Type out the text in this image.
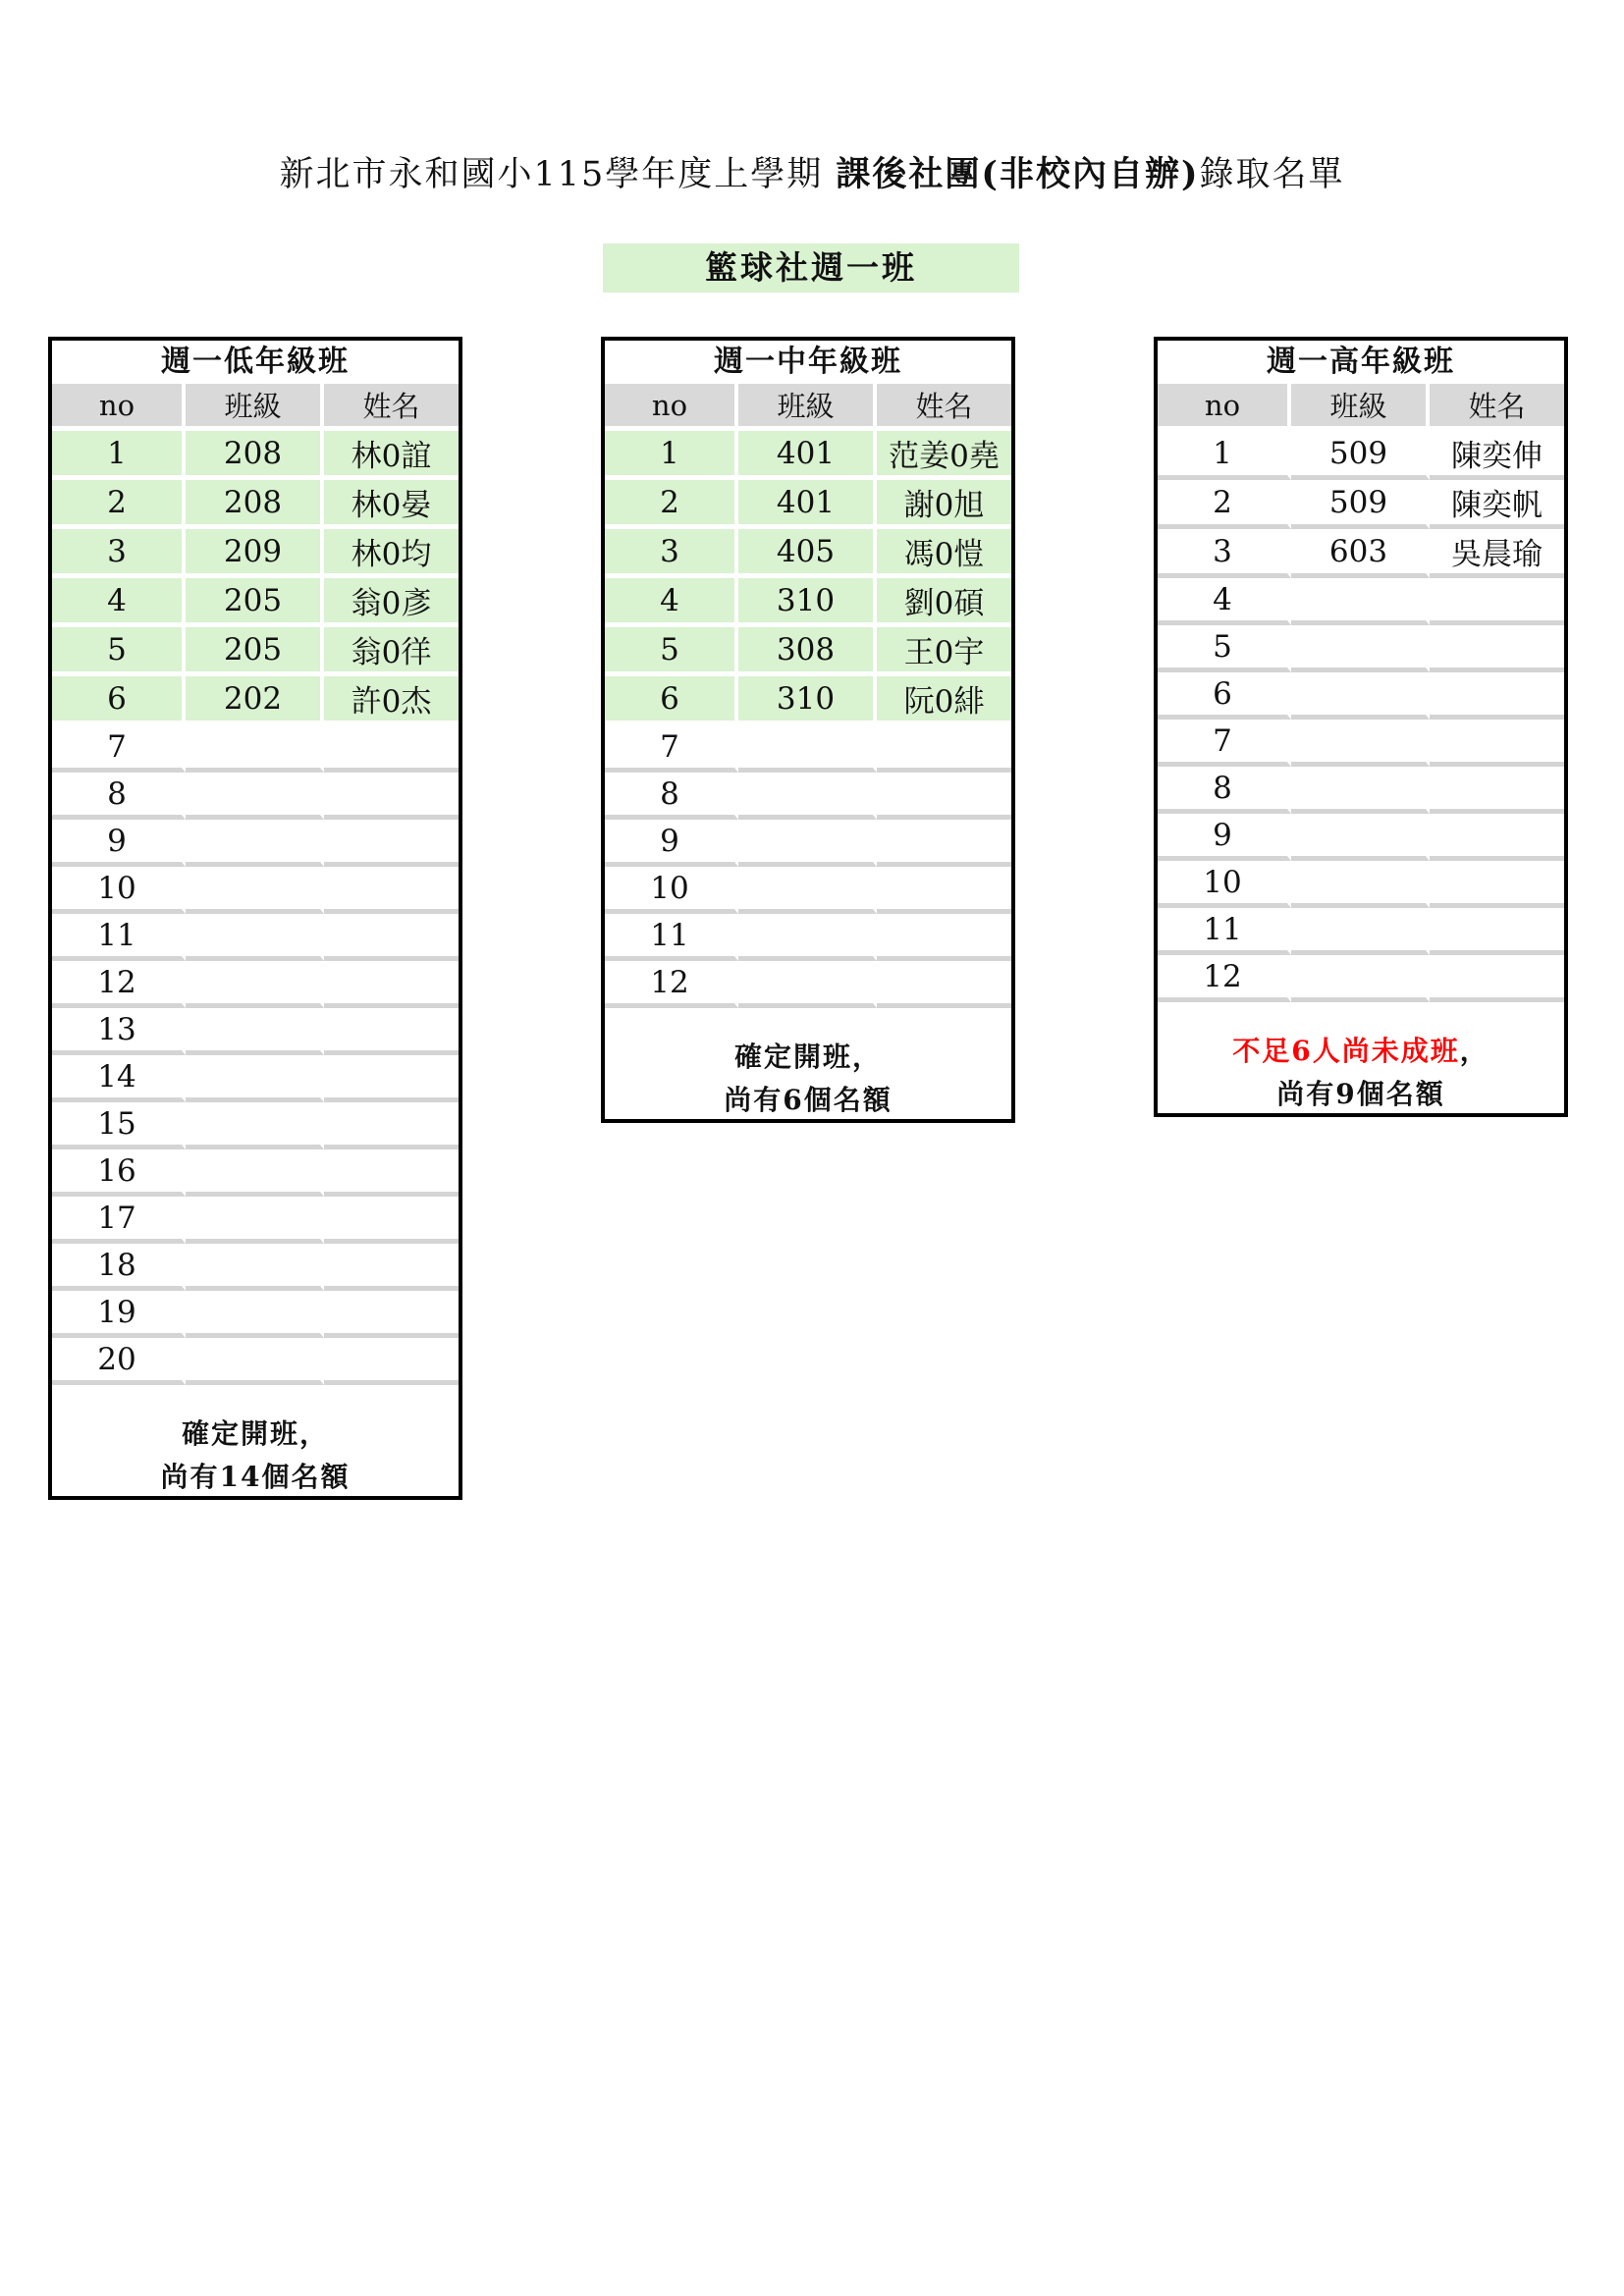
新北市永和國小115學年度上學期 課後社團(非校內自辦)錄取名單
籃球社週一班
週一低年級班
no	班級	姓名
1	208	林0誼
2	208	林0晏
3	209	林0均
4	205	翁0彥
5	205	翁0徉
6	202	許0杰
7		
8		
9		
10		
11		
12		
13		
14		
15		
16		
17		
18		
19		
20		
確定開班，
尚有14個名額
週一中年級班
no	班級	姓名
1	401	范姜0堯
2	401	謝0旭
3	405	馮0愷
4	310	劉0碩
5	308	王0宇
6	310	阮0緋
7		
8		
9		
10		
11		
12		
確定開班，
尚有6個名額
週一高年級班
no	班級	姓名
1	509	陳奕伸
2	509	陳奕帆
3	603	吳晨瑜
4		
5		
6		
7		
8		
9		
10		
11		
12		
不足6人尚未成班，
尚有9個名額
